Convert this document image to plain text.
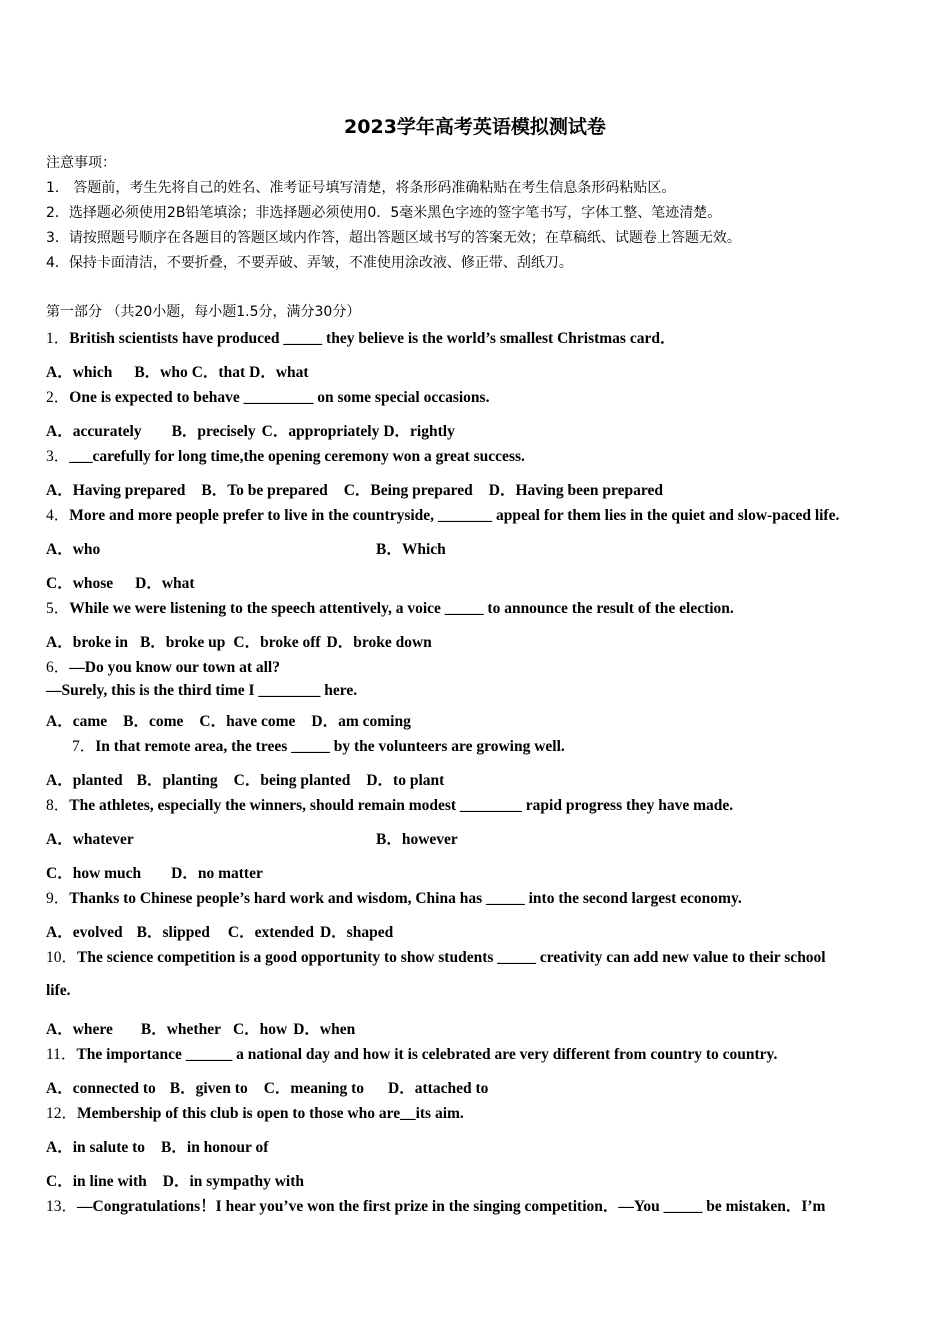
2023学年高考英语模拟测试卷
注意事项：
1． 答题前，考生先将自己的姓名、准考证号填写清楚，将条形码准确粘贴在考生信息条形码粘贴区。
2．选择题必须使用2B铅笔填涂；非选择题必须使用0．5毫米黑色字迹的签字笔书写，字体工整、笔迹清楚。
3．请按照题号顺序在各题目的答题区域内作答，超出答题区域书写的答案无效；在草稿纸、试题卷上答题无效。
4．保持卡面清洁，不要折叠，不要弄破、弄皱，不准使用涂改液、修正带、刮纸刀。
第一部分 （共20小题，每小题1.5分，满分30分）
1．British scientists have produced _____ they believe is the world’s smallest Christmas card．
A．which B．who C．that D．what
2．One is expected to behave _________ on some special occasions.
A．accurately B．precisely C．appropriately D．rightly
3．___carefully for long time,the opening ceremony won a great success.
A．Having prepared B．To be prepared C．Being prepared D．Having been prepared
4．More and more people prefer to live in the countryside, _______ appeal for them lies in the quiet and slow-paced life.
A．who	B．Which
C．whose D．what
5．While we were listening to the speech attentively, a voice _____ to announce the result of the election.
A．broke in B．broke up C．broke off D．broke down
6．—Do you know our town at all?
—Surely, this is the third time I ________ here.
A．came B．come C．have come D．am coming
7．In that remote area, the trees _____ by the volunteers are growing well.
A．planted B．planting C．being planted D．to plant
8．The athletes, especially the winners, should remain modest ________ rapid progress they have made.
A．whatever	B．however
C．how much D．no matter
9．Thanks to Chinese people’s hard work and wisdom, China has _____ into the second largest economy.
A．evolved B．slipped C．extended D．shaped
10．The science competition is a good opportunity to show students _____ creativity can add new value to their school
life.
A．where B．whether C．how D．when
11．The importance ______ a national day and how it is celebrated are very different from country to country.
A．connected to B．given to C．meaning to D．attached to
12．Membership of this club is open to those who are__its aim.
A．in salute to B．in honour of
C．in line with D．in sympathy with
13．—Congratulations！I hear you’ve won the first prize in the singing competition．—You _____ be mistaken．I’m
